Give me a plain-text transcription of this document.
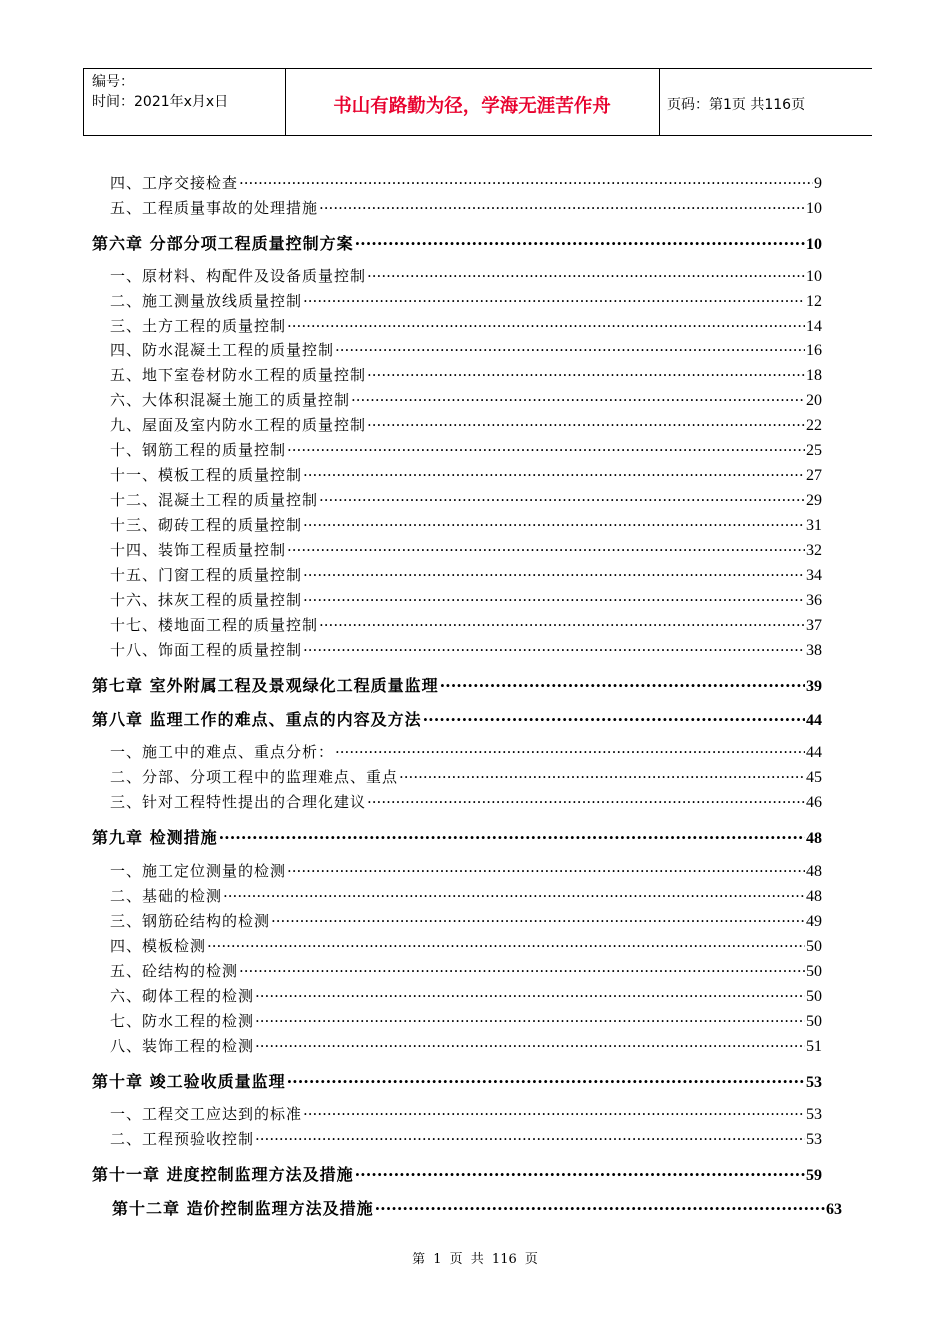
编号：
时间：2021年x月x日	书山有路勤为径，学海无涯苦作舟	页码：第1页 共116页
四、工序交接检查 ·····	9
五、工程质量事故的处理措施 ·····	10
第六章 分部分项工程质量控制方案 ·····	10
一、原材料、构配件及设备质量控制 ·····	10
二、施工测量放线质量控制 ·····	12
三、土方工程的质量控制 ·····	14
四、防水混凝土工程的质量控制 ·····	16
五、地下室卷材防水工程的质量控制 ·····	18
六、大体积混凝土施工的质量控制 ·····	20
九、屋面及室内防水工程的质量控制 ·····	22
十、钢筋工程的质量控制 ·····	25
十一、模板工程的质量控制 ·····	27
十二、混凝土工程的质量控制 ·····	29
十三、砌砖工程的质量控制 ·····	31
十四、装饰工程质量控制 ·····	32
十五、门窗工程的质量控制 ·····	34
十六、抹灰工程的质量控制 ·····	36
十七、楼地面工程的质量控制 ·····	37
十八、饰面工程的质量控制 ·····	38
第七章 室外附属工程及景观绿化工程质量监理 ·····	39
第八章 监理工作的难点、重点的内容及方法 ·····	44
一、施工中的难点、重点分析： ·····	44
二、分部、分项工程中的监理难点、重点 ·····	45
三、针对工程特性提出的合理化建议 ·····	46
第九章 检测措施 ·····	48
一、施工定位测量的检测 ·····	48
二、基础的检测 ·····	48
三、钢筋砼结构的检测 ·····	49
四、模板检测 ·····	50
五、砼结构的检测 ·····	50
六、砌体工程的检测 ·····	50
七、防水工程的检测 ·····	50
八、装饰工程的检测 ·····	51
第十章 竣工验收质量监理 ·····	53
一、工程交工应达到的标准 ·····	53
二、工程预验收控制 ·····	53
第十一章 进度控制监理方法及措施 ·····	59
第十二章 造价控制监理方法及措施 ·····	63
第 1 页 共 116 页
